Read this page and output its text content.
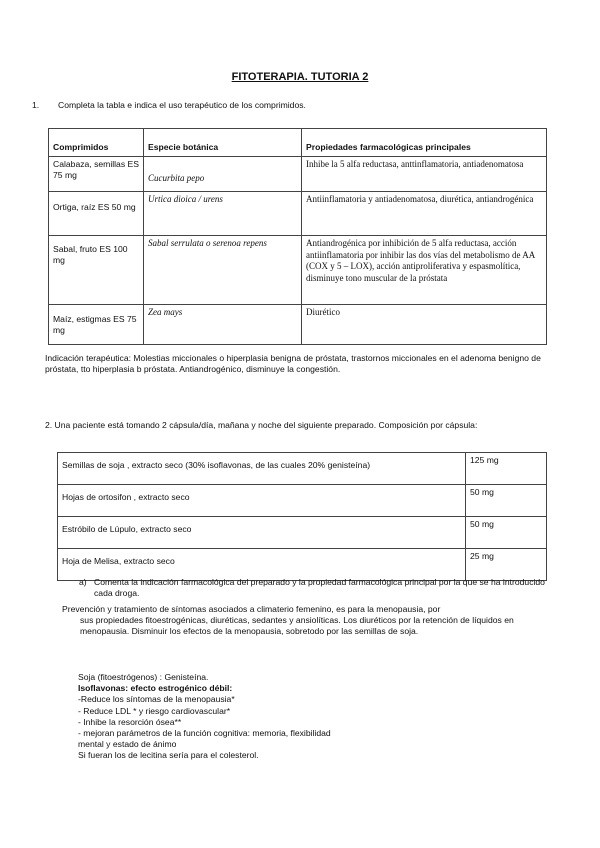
FITOTERAPIA. TUTORIA 2
1. Completa la tabla e indica el uso terapéutico de los comprimidos.
Comprimidos	Especie botánica	Propiedades farmacológicas principales
Calabaza, semillas ES 75 mg	Cucurbita pepo	Inhibe la 5 alfa reductasa, anttinflamatoria, antiadenomatosa
Ortiga, raíz ES 50 mg	Urtica dioica / urens	Antiinflamatoria y antiadenomatosa, diurética, antiandrogénica
Sabal, fruto ES 100 mg	Sabal serrulata o serenoa repens	Antiandrogénica por inhibición de 5 alfa reductasa, acción antiinflamatoria por inhibir las dos vías del metabolismo de AA (COX y 5 – LOX), acción antiproliferativa y espasmolítica, disminuye tono muscular de la próstata
Maíz, estigmas ES 75 mg	Zea mays	Diurético
Indicación terapéutica: Molestias miccionales o hiperplasia benigna de próstata, trastornos miccionales en el adenoma benigno de próstata, tto hiperplasia b próstata. Antiandrogénico, disminuye la congestión.
2. Una paciente está tomando 2 cápsula/día, mañana y noche del siguiente preparado. Composición por cápsula:
Semillas de soja , extracto seco (30% isoflavonas, de las cuales 20% genisteína)	125 mg
Hojas de ortosifon , extracto seco	50 mg
Estróbilo de Lúpulo, extracto seco	50 mg
Hoja de Melisa, extracto seco	25 mg
a) Comenta la indicación farmacológica del preparado y la propiedad farmacológica principal por la que se ha introducido cada droga.
Prevención y tratamiento de síntomas asociados a climaterio femenino, es para la menopausia, por
sus propiedades fitoestrogénicas, diuréticas, sedantes y ansiolíticas. Los diuréticos por la retención de líquidos en menopausia. Disminuir los efectos de la menopausia, sobretodo por las semillas de soja.
Soja (fitoestrógenos) : Genisteína.
Isoflavonas: efecto estrogénico débil:
-Reduce los síntomas de la menopausia*
- Reduce LDL * y riesgo cardiovascular*
- Inhibe la resorción ósea**
- mejoran parámetros de la función cognitiva: memoria, flexibilidad mental y estado de ánimo
Si fueran los de lecitina sería para el colesterol.
